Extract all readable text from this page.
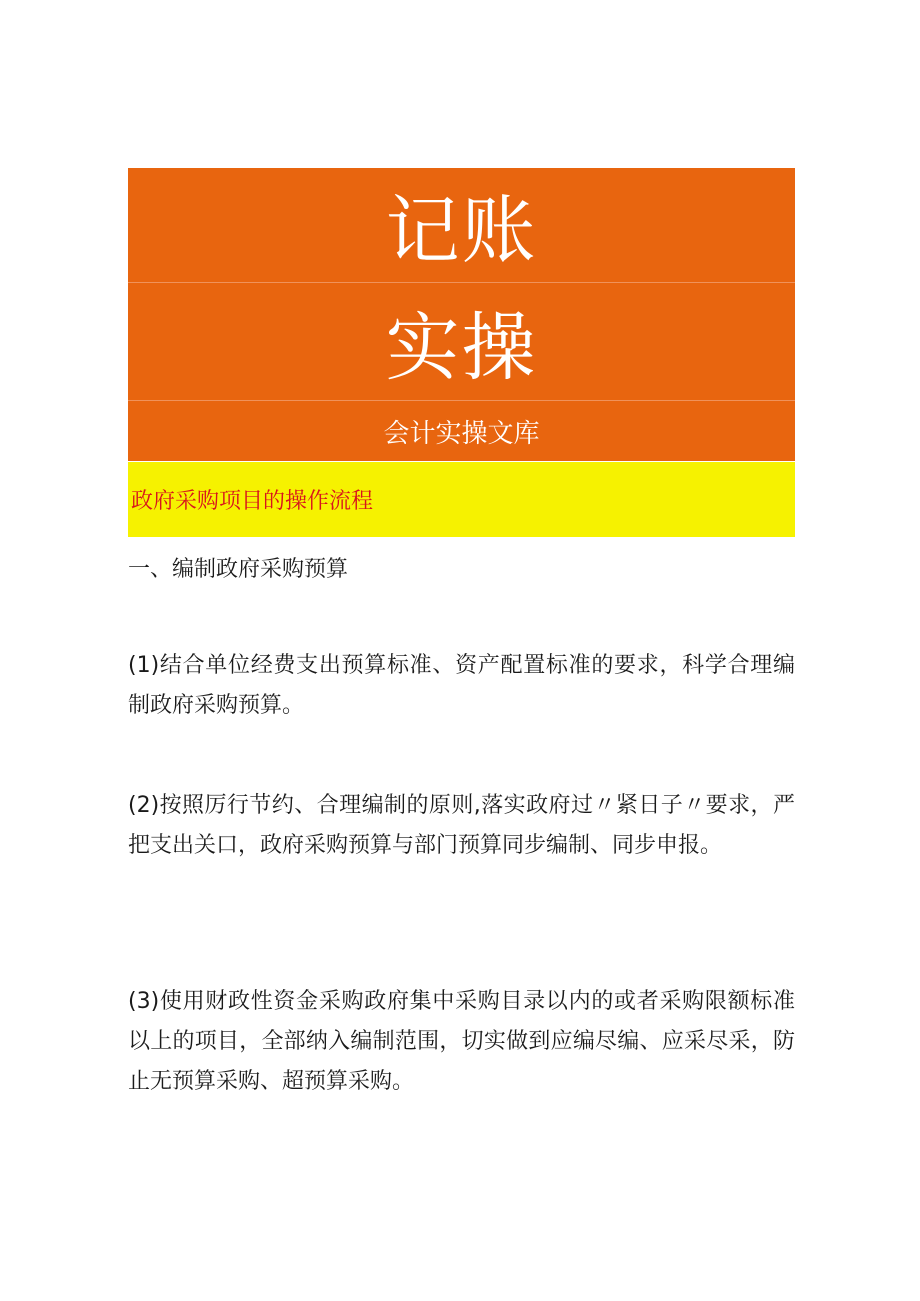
记账
实操
会计实操文库
政府采购项目的操作流程
一、编制政府采购预算

(1)结合单位经费支出预算标准、资产配置标准的要求，科学合理编制政府采购预算。

(2)按照厉行节约、合理编制的原则,落实政府过〃紧日子〃要求，严把支出关口，政府采购预算与部门预算同步编制、同步申报。

(3)使用财政性资金采购政府集中采购目录以内的或者采购限额标准以上的项目，全部纳入编制范围，切实做到应编尽编、应采尽采，防止无预算采购、超预算采购。
